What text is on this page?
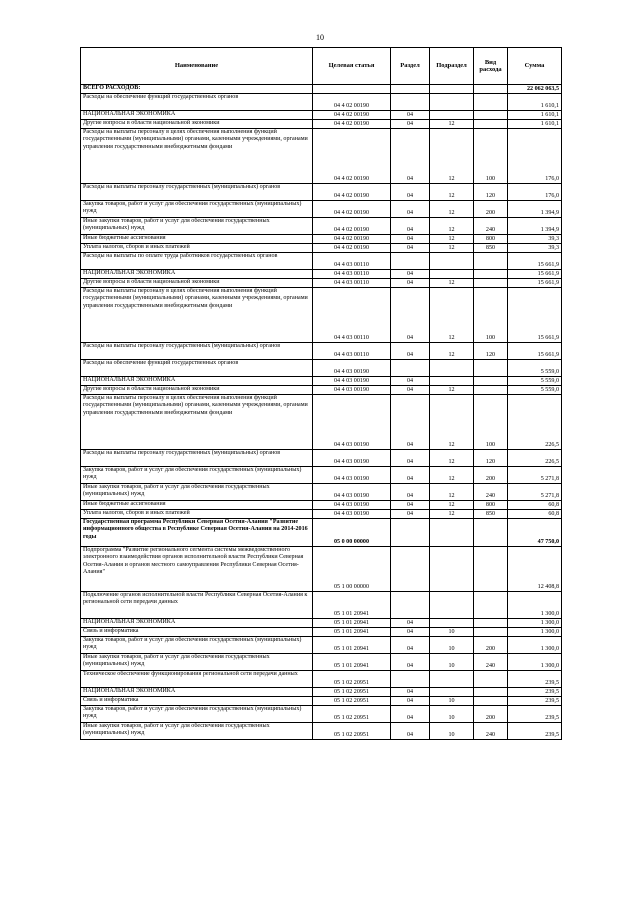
10
Наименование	Целевая статья	Раздел	Подраздел	Вид расхода	Сумма
ВСЕГО РАСХОДОВ:					22 062 063,5
Расходы на обеспечение функций государственных органов	04 4 02 00190				1 610,1
НАЦИОНАЛЬНАЯ ЭКОНОМИКА	04 4 02 00190	04			1 610,1
Другие вопросы в области национальной экономики	04 4 02 00190	04	12		1 610,1
Расходы на выплаты персоналу в целях обеспечения выполнения функций государственными (муниципальными) органами, казенными учреждениями, органами управления государственными внебюджетными фондами	04 4 02 00190	04	12	100	176,0
Расходы на выплаты персоналу государственных (муниципальных) органов	04 4 02 00190	04	12	120	176,0
Закупка товаров, работ и услуг для обеспечения государственных (муниципальных) нужд	04 4 02 00190	04	12	200	1 394,9
Иные закупки товаров, работ и услуг для обеспечения государственных (муниципальных) нужд	04 4 02 00190	04	12	240	1 394,9
Иные бюджетные ассигнования	04 4 02 00190	04	12	800	39,3
Уплата налогов, сборов и иных платежей	04 4 02 00190	04	12	850	39,3
Расходы на выплаты по оплате труда работников государственных органов	04 4 03 00110				15 661,9
НАЦИОНАЛЬНАЯ ЭКОНОМИКА	04 4 03 00110	04			15 661,9
Другие вопросы в области национальной экономики	04 4 03 00110	04	12		15 661,9
Расходы на выплаты персоналу в целях обеспечения выполнения функций государственными (муниципальными) органами, казенными учреждениями, органами управления государственными внебюджетными фондами	04 4 03 00110	04	12	100	15 661,9
Расходы на выплаты персоналу государственных (муниципальных) органов	04 4 03 00110	04	12	120	15 661,9
Расходы на обеспечение функций государственных органов	04 4 03 00190				5 559,0
НАЦИОНАЛЬНАЯ ЭКОНОМИКА	04 4 03 00190	04			5 559,0
Другие вопросы в области национальной экономики	04 4 03 00190	04	12		5 559,0
Расходы на выплаты персоналу в целях обеспечения выполнения функций государственными (муниципальными) органами, казенными учреждениями, органами управления государственными внебюджетными фондами	04 4 03 00190	04	12	100	226,5
Расходы на выплаты персоналу государственных (муниципальных) органов	04 4 03 00190	04	12	120	226,5
Закупка товаров, работ и услуг для обеспечения государственных (муниципальных) нужд	04 4 03 00190	04	12	200	5 271,8
Иные закупки товаров, работ и услуг для обеспечения государственных (муниципальных) нужд	04 4 03 00190	04	12	240	5 271,8
Иные бюджетные ассигнования	04 4 03 00190	04	12	800	60,8
Уплата налогов, сборов и иных платежей	04 4 03 00190	04	12	850	60,8
Государственная программа Республики Северная Осетия-Алания "Развитие информационного общества в Республике Северная Осетия-Алания на 2014-2016 годы	05 0 00 00000				47 750,0
Подпрограмма "Развитие регионального сегмента системы межведомственного электронного взаимодействия органов исполнительной власти Республики Северная Осетия-Алания и органов местного самоуправления Республики Северная Осетия-Алания"	05 1 00 00000				12 408,8
Подключение органов исполнительной власти Республики Северная Осетия-Алания к региональной сети передачи данных	05 1 01 20941				1 300,0
НАЦИОНАЛЬНАЯ ЭКОНОМИКА	05 1 01 20941	04			1 300,0
Связь и информатика	05 1 01 20941	04	10		1 300,0
Закупка товаров, работ и услуг для обеспечения государственных (муниципальных) нужд	05 1 01 20941	04	10	200	1 300,0
Иные закупки товаров, работ и услуг для обеспечения государственных (муниципальных) нужд	05 1 01 20941	04	10	240	1 300,0
Техническое обеспечение функционирования региональной сети передачи данных	05 1 02 20951				239,5
НАЦИОНАЛЬНАЯ ЭКОНОМИКА	05 1 02 20951	04			239,5
Связь и информатика	05 1 02 20951	04	10		239,5
Закупка товаров, работ и услуг для обеспечения государственных (муниципальных) нужд	05 1 02 20951	04	10	200	239,5
Иные закупки товаров, работ и услуг для обеспечения государственных (муниципальных) нужд	05 1 02 20951	04	10	240	239,5
